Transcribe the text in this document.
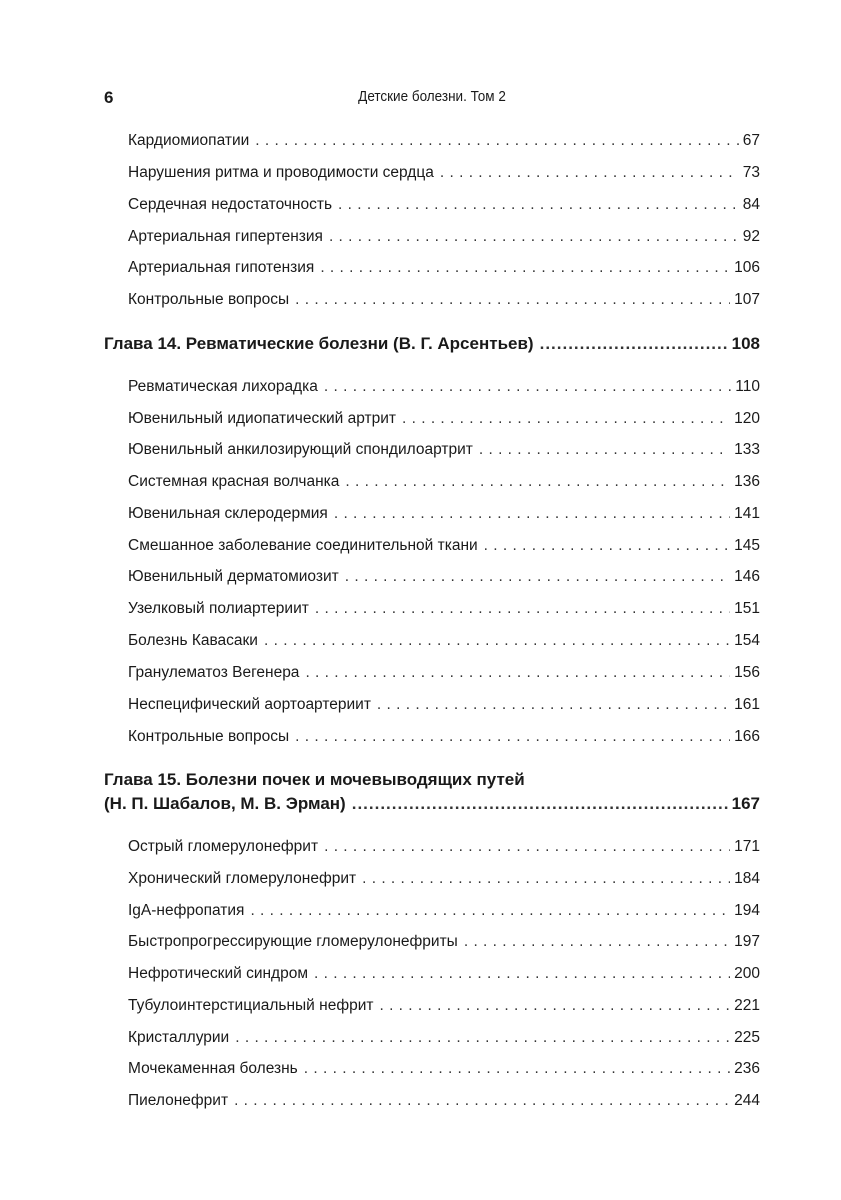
6	Детские болезни. Том 2
Кардиомиопатии . . .	67
Нарушения ритма и проводимости сердца . . .	73
Сердечная недостаточность . . .	84
Артериальная гипертензия . . .	92
Артериальная гипотензия . . .	106
Контрольные вопросы . . .	107
Глава 14. Ревматические болезни (В. Г. Арсентьев) .....	108
Ревматическая лихорадка . . .	110
Ювенильный идиопатический артрит . . .	120
Ювенильный анкилозирующий спондилоартрит . . .	133
Системная красная волчанка . . .	136
Ювенильная склеродермия . . .	141
Смешанное заболевание соединительной ткани . . .	145
Ювенильный дерматомиозит . . .	146
Узелковый полиартериит . . .	151
Болезнь Кавасаки . . .	154
Гранулематоз Вегенера . . .	156
Неспецифический аортоартериит . . .	161
Контрольные вопросы . . .	166
Глава 15. Болезни почек и мочевыводящих путей
(Н. П. Шабалов, М. В. Эрман) .....	167
Острый гломерулонефрит . . .	171
Хронический гломерулонефрит . . .	184
IgA-нефропатия . . .	194
Быстропрогрессирующие гломерулонефриты . . .	197
Нефротический синдром . . .	200
Тубулоинтерстициальный нефрит . . .	221
Кристаллурии . . .	225
Мочекаменная болезнь . . .	236
Пиелонефрит . . .	244
